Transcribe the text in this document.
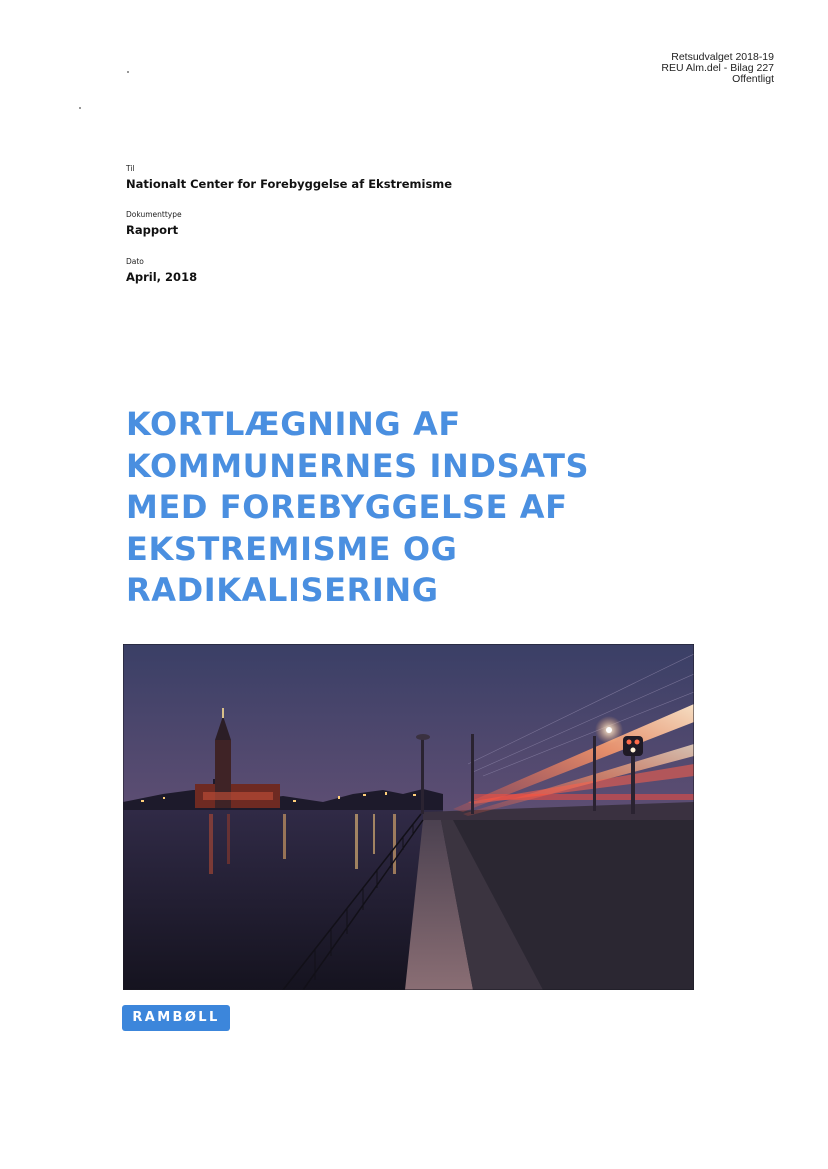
Retsudvalget 2018-19
REU Alm.del - Bilag 227
Offentligt
Til
Nationalt Center for Forebyggelse af Ekstremisme
Dokumenttype
Rapport
Dato
April, 2018
KORTLÆGNING AF
KOMMUNERNES INDSATS
MED FOREBYGGELSE AF
EKSTREMISME OG
RADIKALISERING
RAMBØLL
